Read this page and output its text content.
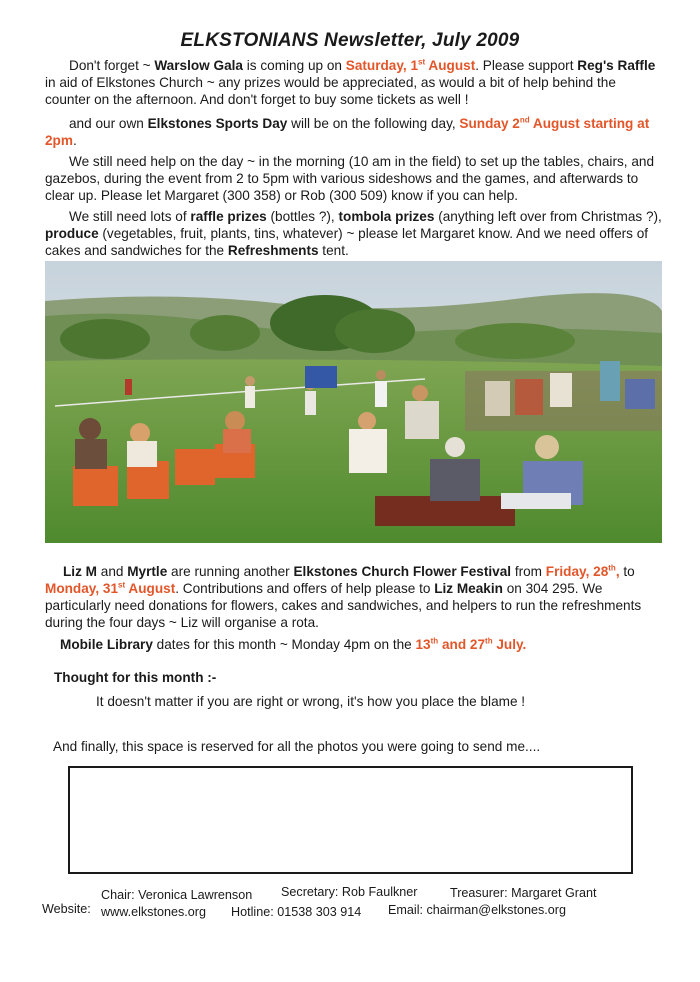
ELKSTONIANS Newsletter, July 2009
Don't forget ~ Warslow Gala is coming up on Saturday, 1st August. Please support Reg's Raffle in aid of Elkstones Church ~ any prizes would be appreciated, as would a bit of help behind the counter on the afternoon. And don't forget to buy some tickets as well !
and our own Elkstones Sports Day will be on the following day, Sunday 2nd August starting at 2pm.
We still need help on the day ~ in the morning (10 am in the field) to set up the tables, chairs, and gazebos, during the event from 2 to 5pm with various sideshows and the games, and afterwards to clear up. Please let Margaret (300 358) or Rob (300 509) know if you can help.
We still need lots of raffle prizes (bottles ?), tombola prizes (anything left over from Christmas ?), produce (vegetables, fruit, plants, tins, whatever) ~ please let Margaret know. And we need offers of cakes and sandwiches for the Refreshments tent.
Liz M and Myrtle are running another Elkstones Church Flower Festival from Friday, 28th, to Monday, 31st August. Contributions and offers of help please to Liz Meakin on 304 295. We particularly need donations for flowers, cakes and sandwiches, and helpers to run the refreshments during the four days ~ Liz will organise a rota.
Mobile Library dates for this month ~ Monday 4pm on the 13th and 27th July.
Thought for this month :-
It doesn't matter if you are right or wrong, it's how you place the blame !
And finally, this space is reserved for all the photos you were going to send me....
Chair: Veronica Lawrenson Secretary: Rob Faulkner	Treasurer: Margaret Grant
Website: www.elkstones.org Hotline: 01538 303 914 Email: chairman@elkstones.org
